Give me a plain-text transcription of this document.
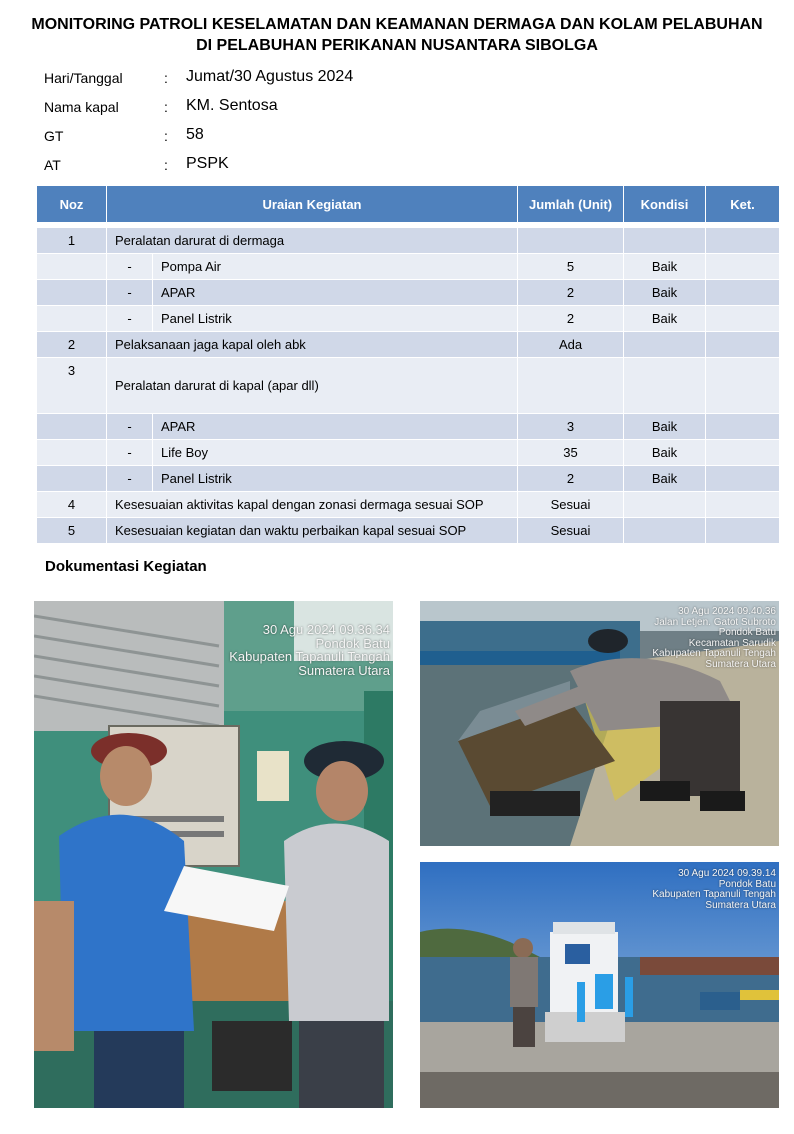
MONITORING PATROLI KESELAMATAN DAN KEAMANAN DERMAGA DAN KOLAM PELABUHAN
DI PELABUHAN PERIKANAN NUSANTARA SIBOLGA
Hari/Tanggal	: Jumat/30 Agustus 2024
Nama kapal	: KM. Sentosa
GT	: 58
AT	: PSPK
Noz	Uraian Kegiatan		Jumlah (Unit)	Kondisi	Ket.

1	Peralatan darurat di dermaga				
	-	Pompa Air	5	Baik	
	-	APAR	2	Baik	
	-	Panel Listrik	2	Baik	
2	Pelaksanaan jaga kapal oleh abk		Ada		
3	Peralatan darurat di kapal (apar dll)				
	-	APAR	3	Baik	
	-	Life Boy	35	Baik	
	-	Panel Listrik	2	Baik	
4	Kesesuaian aktivitas kapal dengan zonasi dermaga sesuai SOP		Sesuai		
5	Kesesuaian kegiatan dan waktu perbaikan kapal sesuai SOP		Sesuai		
Dokumentasi Kegiatan
30 Agu 2024 09.36.34
Pondok Batu
Kabupaten Tapanuli Tengah
Sumatera Utara
30 Agu 2024 09.40.36
Jalan Letjen. Gatot Subroto
Pondok Batu
Kecamatan Sarudik
Kabupaten Tapanuli Tengah
Sumatera Utara
30 Agu 2024 09.39.14
Pondok Batu
Kabupaten Tapanuli Tengah
Sumatera Utara
